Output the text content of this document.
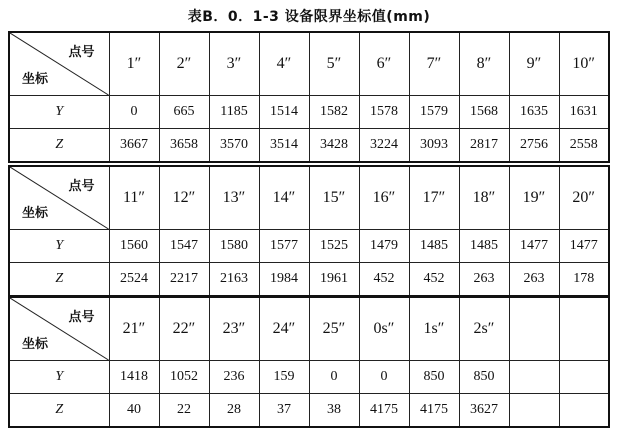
表B．0．1-3 设备限界坐标值(mm)
点号
坐标	1″	2″	3″	4″	5″	6″	7″	8″	9″	10″
Y	0	665	1185	1514	1582	1578	1579	1568	1635	1631
Z	3667	3658	3570	3514	3428	3224	3093	2817	2756	2558
点号
坐标	11″	12″	13″	14″	15″	16″	17″	18″	19″	20″
Y	1560	1547	1580	1577	1525	1479	1485	1485	1477	1477
Z	2524	2217	2163	1984	1961	452	452	263	263	178
点号
坐标	21″	22″	23″	24″	25″	0s″	1s″	2s″		
Y	1418	1052	236	159	0	0	850	850		
Z	40	22	28	37	38	4175	4175	3627		
